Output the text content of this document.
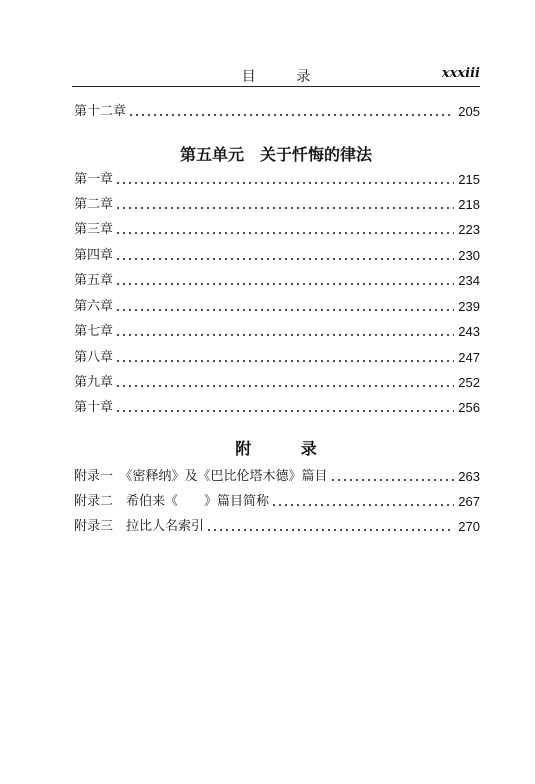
目 录	xxxiii
第十二章	205
第五单元　关于忏悔的律法
第一章	215
第二章	218
第三章	223
第四章	230
第五章	234
第六章	239
第七章	243
第八章	247
第九章	252
第十章	256
附 录
附录一　《密释纳》及《巴比伦塔木德》篇目	263
附录二　希伯来《　　》篇目简称	267
附录三　拉比人名索引	270
